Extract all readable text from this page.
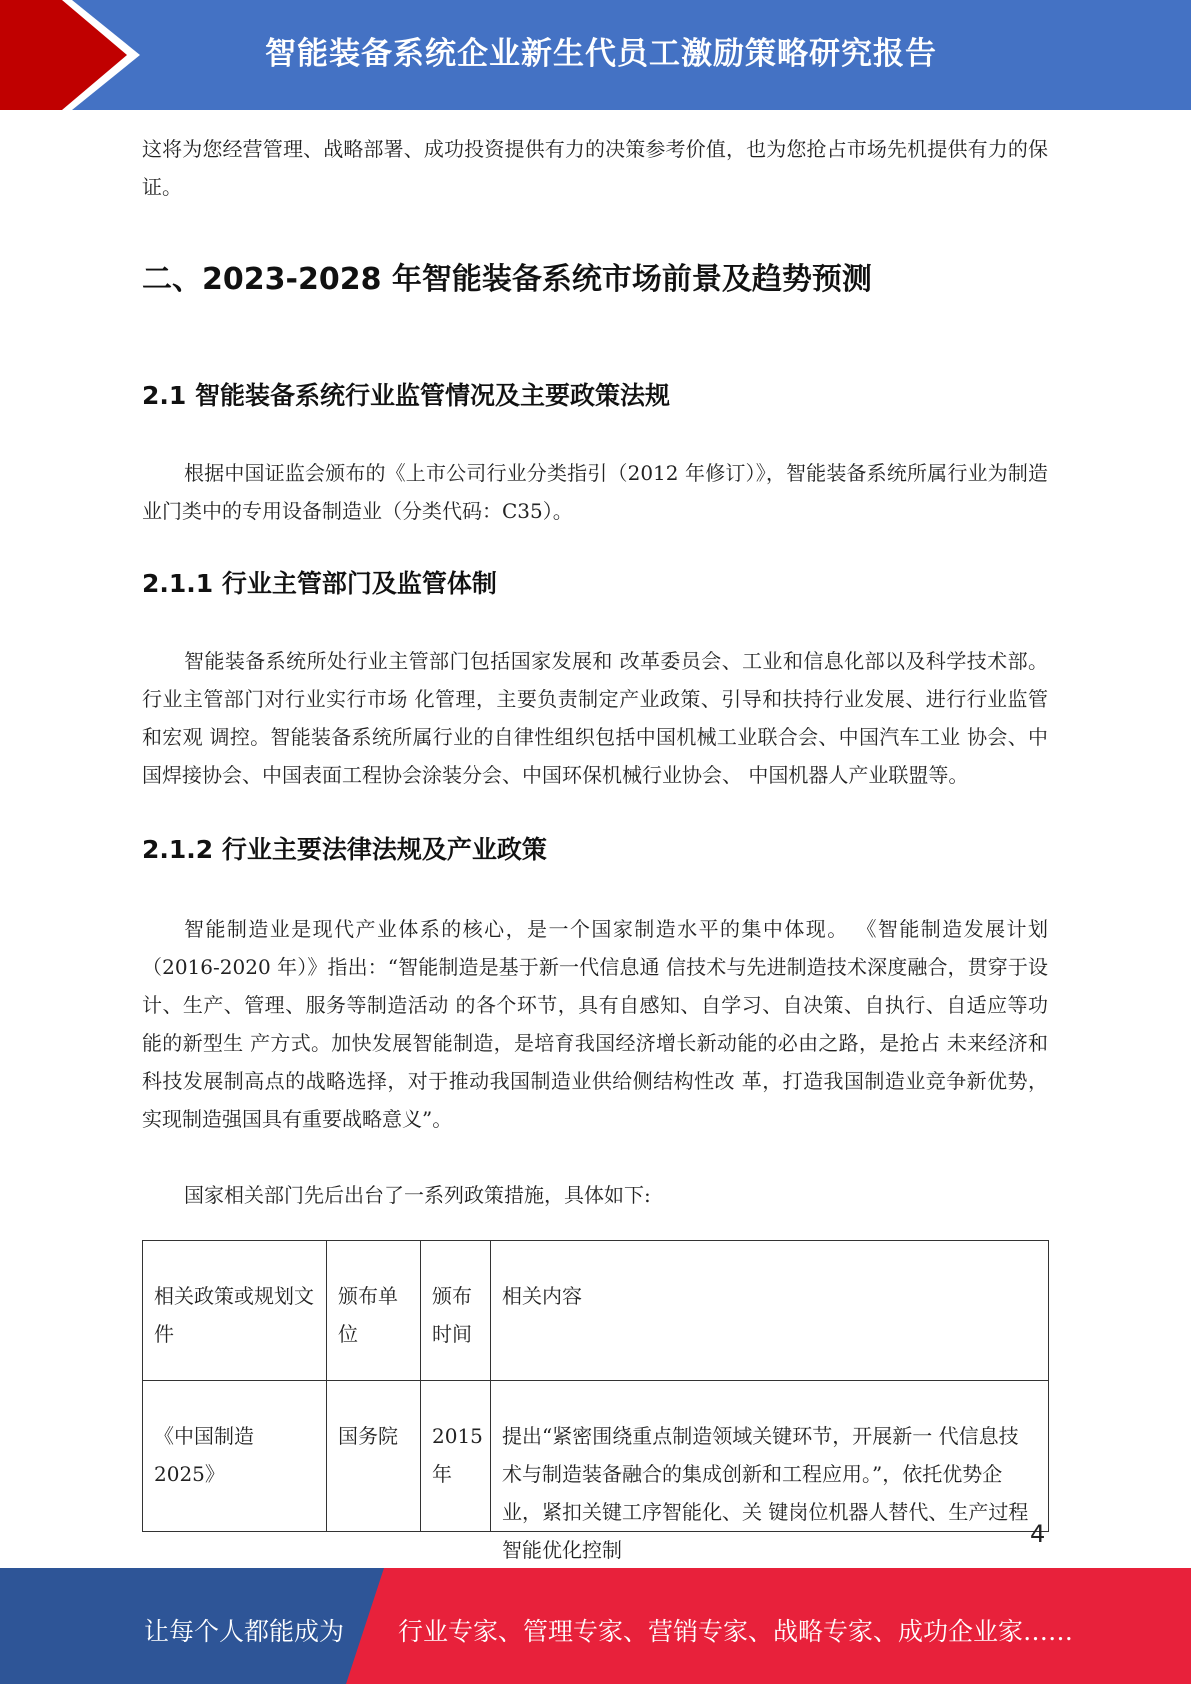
智能装备系统企业新生代员工激励策略研究报告

这将为您经营管理、战略部署、成功投资提供有力的决策参考价值，也为您抢占市场先机提供有力的保证。

二、2023-2028 年智能装备系统市场前景及趋势预测
2.1 智能装备系统行业监管情况及主要政策法规

根据中国证监会颁布的《上市公司行业分类指引（2012 年修订）》，智能装备系统所属行业为制造业门类中的专用设备制造业（分类代码：C35）。

2.1.1 行业主管部门及监管体制

智能装备系统所处行业主管部门包括国家发展和 改革委员会、工业和信息化部以及科学技术部。行业主管部门对行业实行市场 化管理，主要负责制定产业政策、引导和扶持行业发展、进行行业监管和宏观 调控。智能装备系统所属行业的自律性组织包括中国机械工业联合会、中国汽车工业 协会、中国焊接协会、中国表面工程协会涂装分会、中国环保机械行业协会、 中国机器人产业联盟等。

2.1.2 行业主要法律法规及产业政策

智能制造业是现代产业体系的核心，是一个国家制造水平的集中体现。 《智能制造发展计划（2016-2020 年）》指出：“智能制造是基于新一代信息通 信技术与先进制造技术深度融合，贯穿于设计、生产、管理、服务等制造活动 的各个环节，具有自感知、自学习、自决策、自执行、自适应等功能的新型生 产方式。加快发展智能制造，是培育我国经济增长新动能的必由之路，是抢占 未来经济和科技发展制高点的战略选择，对于推动我国制造业供给侧结构性改 革，打造我国制造业竞争新优势，实现制造强国具有重要战略意义”。

国家相关部门先后出台了一系列政策措施，具体如下:

相关政策或规划文件	颁布单位	颁布时间	相关内容
《中国制造 2025》	国务院	2015 年	提出“紧密围绕重点制造领域关键环节，开展新一 代信息技术与制造装备融合的集成创新和工程应用。”，依托优势企业，紧扣关键工序智能化、关 键岗位机器人替代、生产过程智能优化控制
4
让每个人都能成为 行业专家、管理专家、营销专家、战略专家、成功企业家……
